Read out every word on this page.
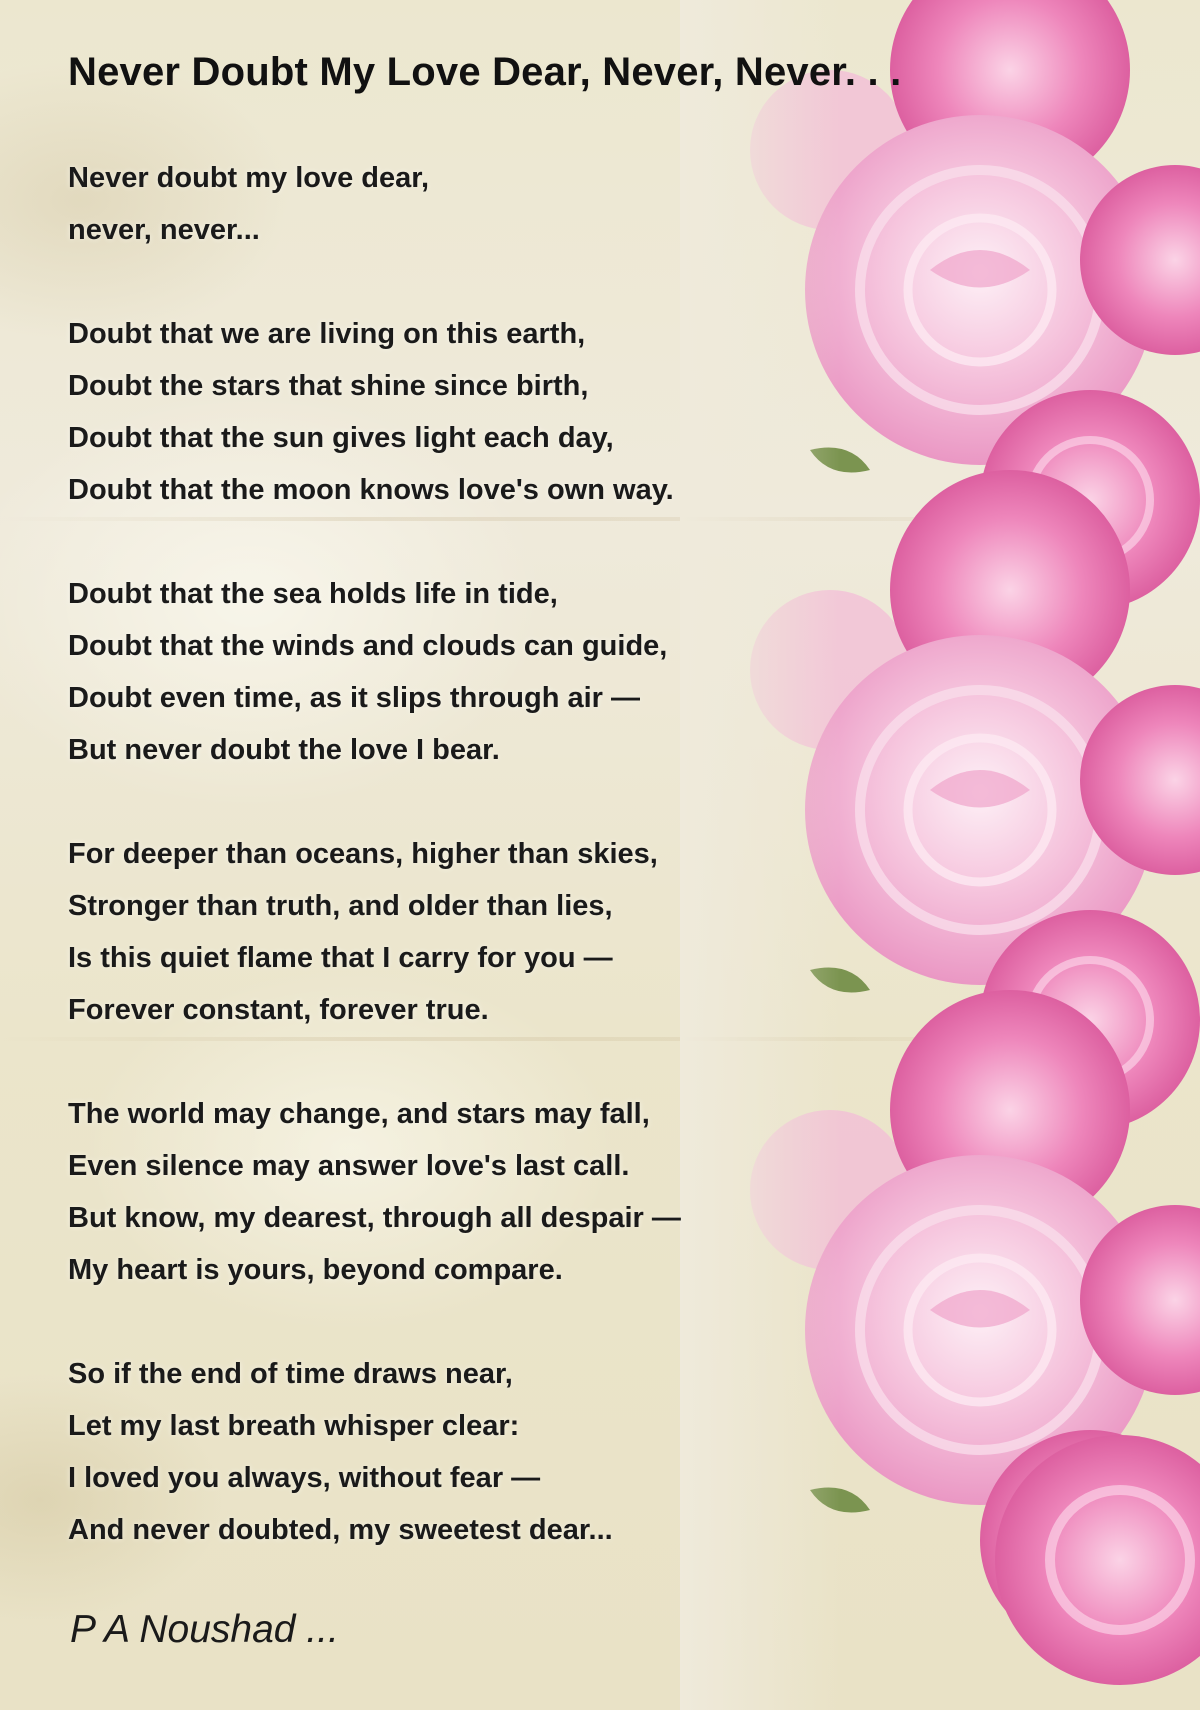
Never Doubt My Love Dear, Never, Never. . .
Never doubt my love dear,
never, never...
Doubt that we are living on this earth,
Doubt the stars that shine since birth,
Doubt that the sun gives light each day,
Doubt that the moon knows love's own way.
Doubt that the sea holds life in tide,
Doubt that the winds and clouds can guide,
Doubt even time, as it slips through air —
But never doubt the love I bear.
For deeper than oceans, higher than skies,
Stronger than truth, and older than lies,
Is this quiet flame that I carry for you —
Forever constant, forever true.
The world may change, and stars may fall,
Even silence may answer love's last call.
But know, my dearest, through all despair —
My heart is yours, beyond compare.
So if the end of time draws near,
Let my last breath whisper clear:
I loved you always, without fear —
And never doubted, my sweetest dear...
P A Noushad ...
